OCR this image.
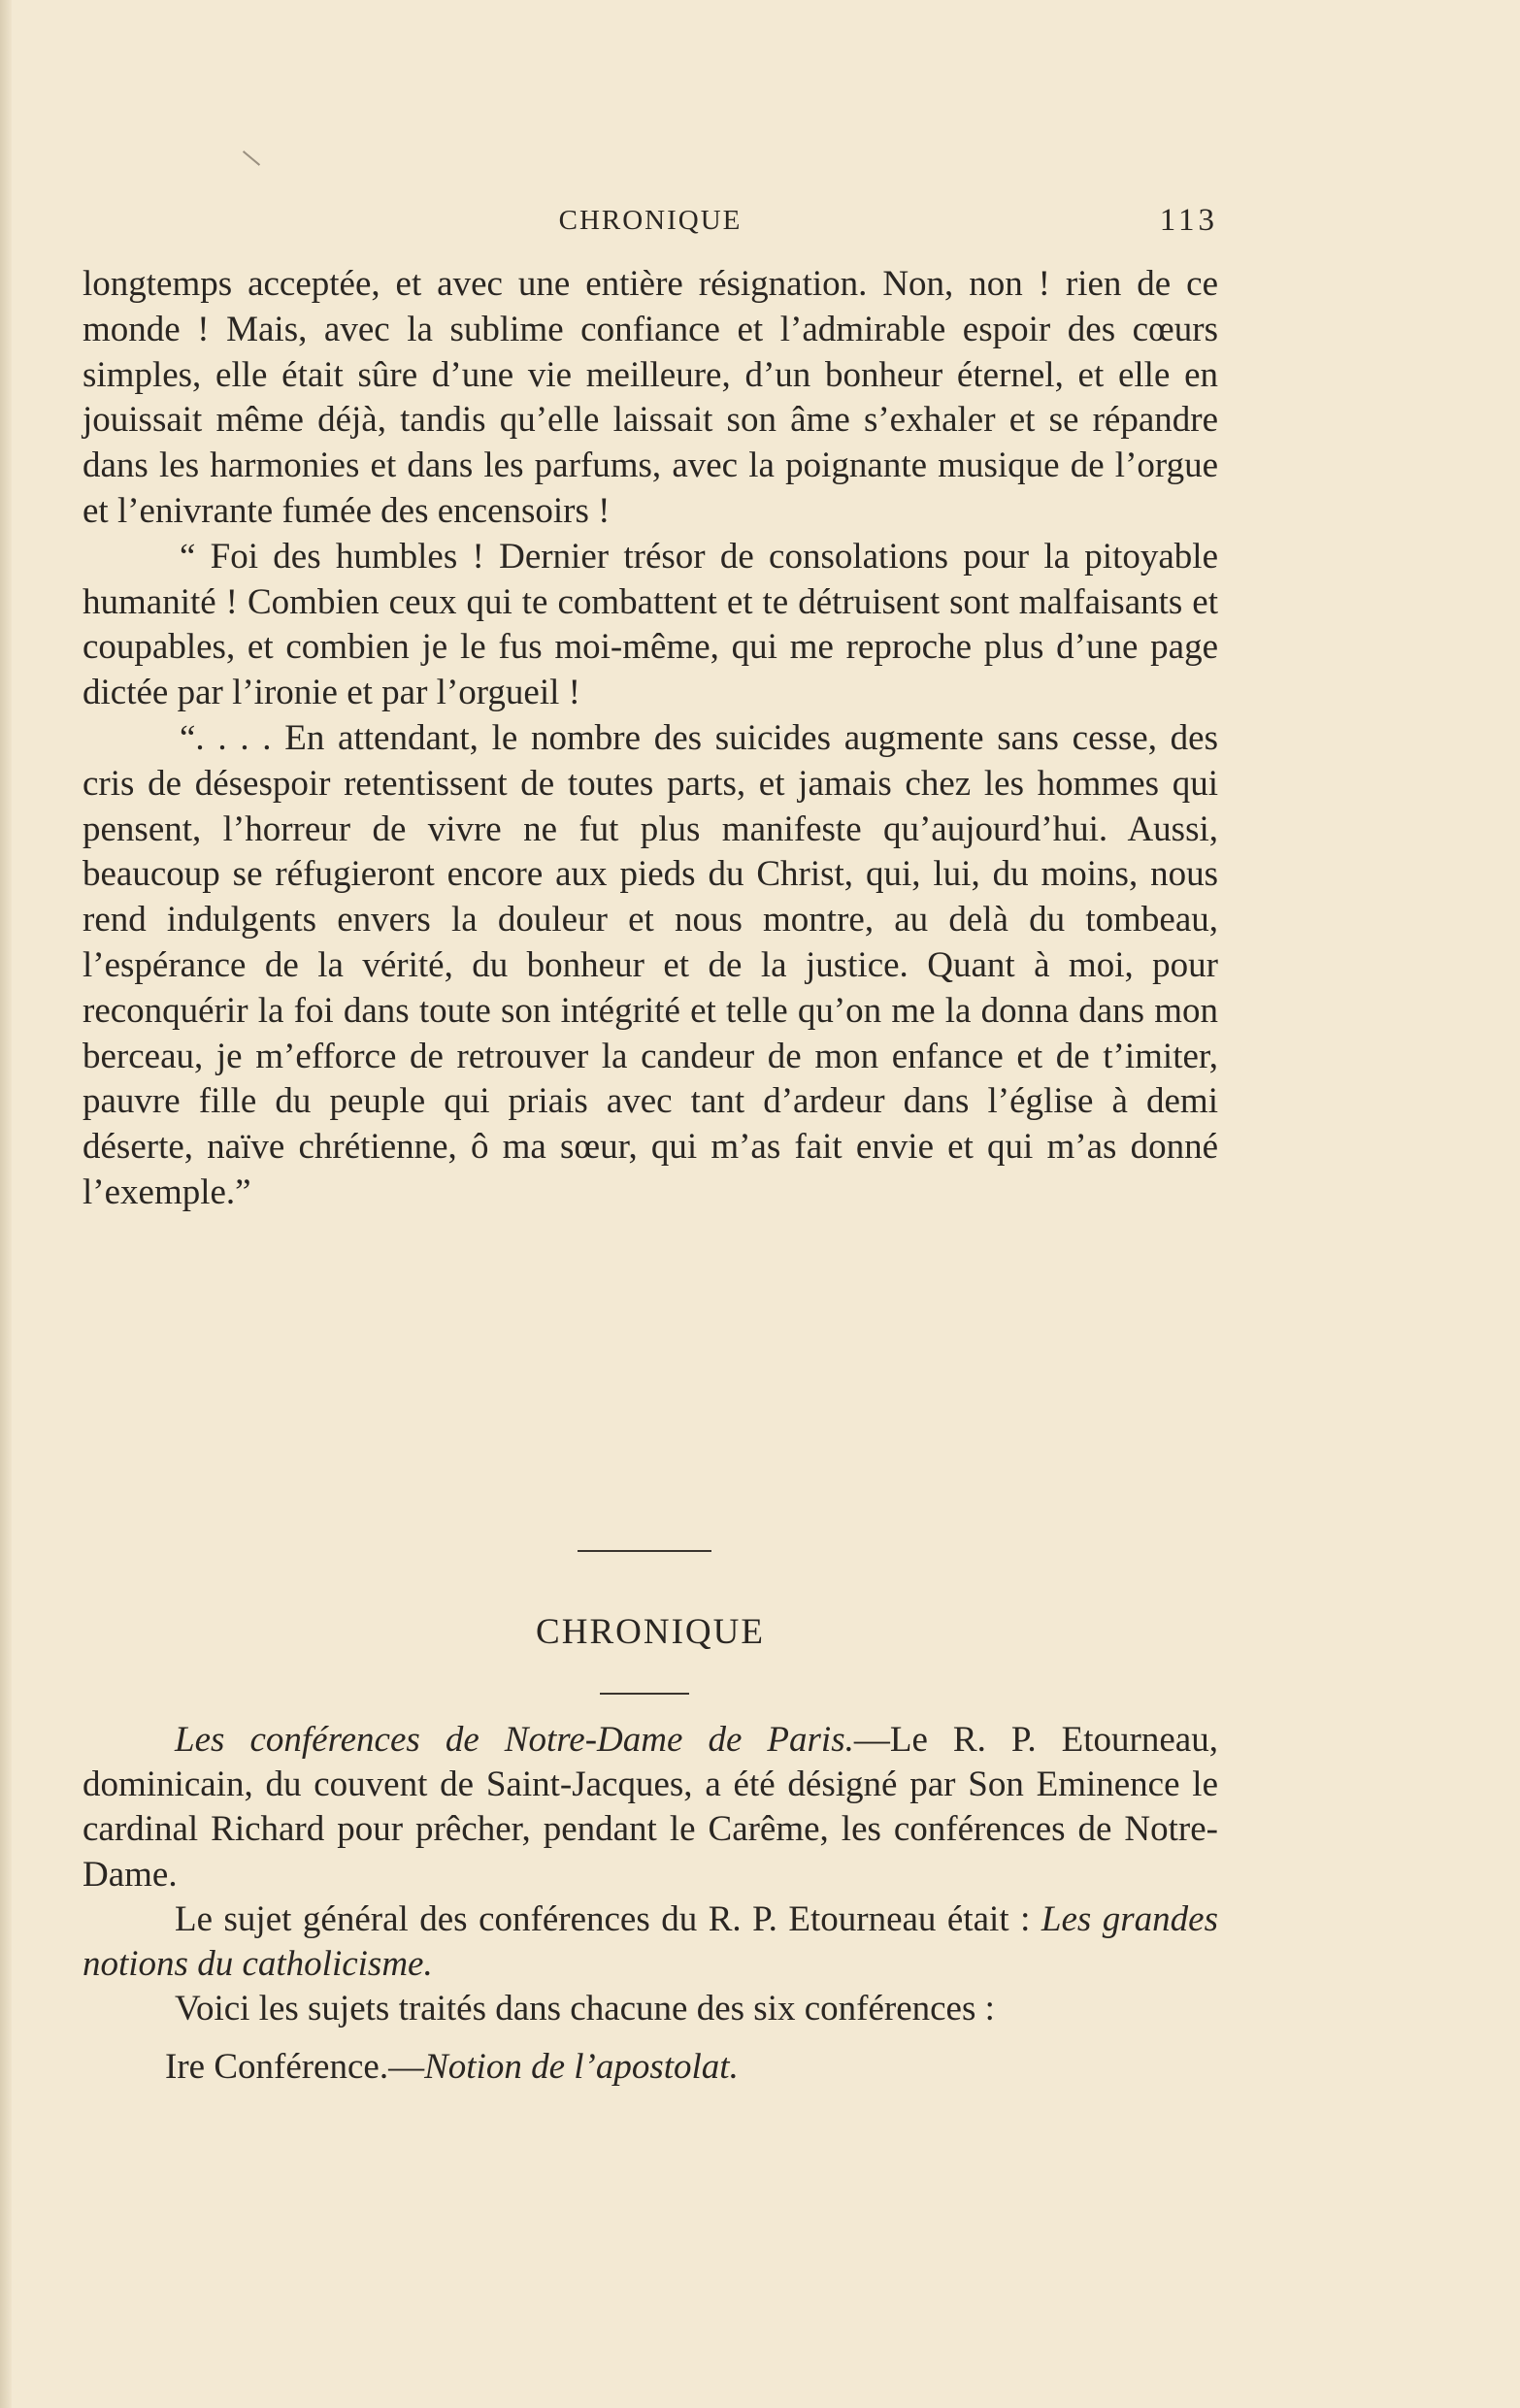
CHRONIQUE	113

longtemps acceptée, et avec une entière résignation. Non, non ! rien de ce monde ! Mais, avec la sublime confiance et l’admirable espoir des cœurs simples, elle était sûre d’une vie meilleure, d’un bonheur éternel, et elle en jouissait même déjà, tandis qu’elle laissait son âme s’exhaler et se répandre dans les harmonies et dans les parfums, avec la poignante musique de l’orgue et l’enivrante fumée des encensoirs !

“ Foi des humbles ! Dernier trésor de consolations pour la pitoyable humanité ! Combien ceux qui te combattent et te détruisent sont malfaisants et coupables, et combien je le fus moi-même, qui me reproche plus d’une page dictée par l’ironie et par l’orgueil !

“. . . . En attendant, le nombre des suicides augmente sans cesse, des cris de désespoir retentissent de toutes parts, et jamais chez les hommes qui pensent, l’horreur de vivre ne fut plus manifeste qu’aujourd’hui. Aussi, beaucoup se réfugieront encore aux pieds du Christ, qui, lui, du moins, nous rend indulgents envers la douleur et nous montre, au delà du tombeau, l’espérance de la vérité, du bonheur et de la justice. Quant à moi, pour reconquérir la foi dans toute son intégrité et telle qu’on me la donna dans mon berceau, je m’efforce de retrouver la candeur de mon enfance et de t’imiter, pauvre fille du peuple qui priais avec tant d’ardeur dans l’église à demi déserte, naïve chrétienne, ô ma sœur, qui m’as fait envie et qui m’as donné l’exemple.”

CHRONIQUE

Les conférences de Notre-Dame de Paris.—Le R. P. Etourneau, dominicain, du couvent de Saint-Jacques, a été désigné par Son Eminence le cardinal Richard pour prêcher, pendant le Carême, les conférences de Notre-Dame.

Le sujet général des conférences du R. P. Etourneau était : Les grandes notions du catholicisme.

Voici les sujets traités dans chacune des six conférences :

Ire Conférence.—Notion de l’apostolat.
